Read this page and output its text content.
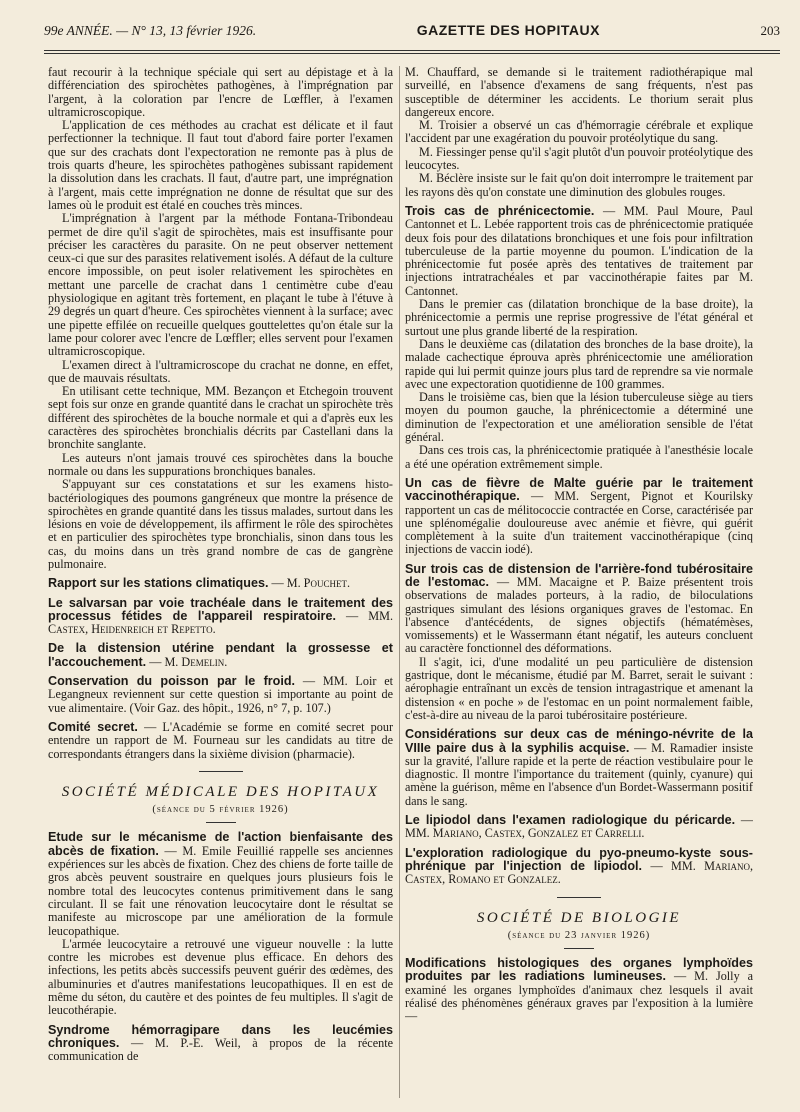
99e ANNÉE. — N° 13, 13 février 1926.	GAZETTE DES HOPITAUX	203

faut recourir à la technique spéciale qui sert au dépistage et à la différenciation des spirochètes pathogènes, à l'imprégnation par l'argent, à la coloration par l'encre de Lœffler, à l'examen ultramicroscopique.

L'application de ces méthodes au crachat est délicate et il faut perfectionner la technique. Il faut tout d'abord faire porter l'examen que sur des crachats dont l'expectoration ne remonte pas à plus de trois quarts d'heure, les spirochètes pathogènes subissant rapidement la dissolution dans les crachats. Il faut, d'autre part, une imprégnation à l'argent, mais cette imprégnation ne donne de résultat que sur des lames où le produit est étalé en couches très minces.

L'imprégnation à l'argent par la méthode Fontana-Tribondeau permet de dire qu'il s'agit de spirochètes, mais est insuffisante pour préciser les caractères du parasite. On ne peut observer nettement ceux-ci que sur des parasites relativement isolés. A défaut de la culture encore impossible, on peut isoler relativement les spirochètes en mettant une parcelle de crachat dans 1 centimètre cube d'eau physiologique en agitant très fortement, en plaçant le tube à l'étuve à 29 degrés un quart d'heure. Ces spirochètes viennent à la surface; avec une pipette effilée on recueille quelques gouttelettes qu'on étale sur la lame pour colorer avec l'encre de Lœffler; elles servent pour l'examen ultramicroscopique.

L'examen direct à l'ultramicroscope du crachat ne donne, en effet, que de mauvais résultats.

En utilisant cette technique, MM. Bezançon et Etchegoin trouvent sept fois sur onze en grande quantité dans le crachat un spirochète très différent des spirochètes de la bouche normale et qui a d'après eux les caractères des spirochètes bronchialis décrits par Castellani dans la bronchite sanglante.

Les auteurs n'ont jamais trouvé ces spirochètes dans la bouche normale ou dans les suppurations bronchiques banales.

S'appuyant sur ces constatations et sur les examens histo-bactériologiques des poumons gangréneux que montre la présence de spirochètes en grande quantité dans les tissus malades, surtout dans les lésions en voie de développement, ils affirment le rôle des spirochètes et en particulier des spirochètes type bronchialis, sinon dans tous les cas, du moins dans un très grand nombre de cas de gangrène pulmonaire.

Rapport sur les stations climatiques. — M. Pouchet.

Le salvarsan par voie trachéale dans le traitement des processus fétides de l'appareil respiratoire. — MM. Castex, Heidenreich et Repetto.

De la distension utérine pendant la grossesse et l'accouchement. — M. Demelin.

Conservation du poisson par le froid. — MM. Loir et Legangneux reviennent sur cette question si importante au point de vue alimentaire. (Voir Gaz. des hôpit., 1926, n° 7, p. 107.)

Comité secret. — L'Académie se forme en comité secret pour entendre un rapport de M. Fourneau sur les candidats au titre de correspondants étrangers dans la sixième division (pharmacie).

SOCIÉTÉ MÉDICALE DES HOPITAUX

(séance du 5 février 1926)

Etude sur le mécanisme de l'action bienfaisante des abcès de fixation. — M. Emile Feuillié rappelle ses anciennes expériences sur les abcès de fixation. Chez des chiens de forte taille de gros abcès peuvent soustraire en quelques jours plusieurs fois le nombre total des leucocytes contenus primitivement dans le sang circulant. Il se fait une rénovation leucocytaire dont le résultat se manifeste au microscope par une amélioration de la formule leucopathique.

L'armée leucocytaire a retrouvé une vigueur nouvelle : la lutte contre les microbes est devenue plus efficace. En dehors des infections, les petits abcès successifs peuvent guérir des œdèmes, des albuminuries et d'autres manifestations leucopathiques. Il en est de même du séton, du cautère et des pointes de feu multiples. Il s'agit de leucothérapie.

Syndrome hémorragipare dans les leucémies chroniques. — M. P.-E. Weil, à propos de la récente communication de

M. Chauffard, se demande si le traitement radiothérapique mal surveillé, en l'absence d'examens de sang fréquents, n'est pas susceptible de déterminer les accidents. Le thorium serait plus dangereux encore.

M. Troisier a observé un cas d'hémorragie cérébrale et explique l'accident par une exagération du pouvoir protéolytique du sang.

M. Fiessinger pense qu'il s'agit plutôt d'un pouvoir protéolytique des leucocytes.

M. Béclère insiste sur le fait qu'on doit interrompre le traitement par les rayons dès qu'on constate une diminution des globules rouges.

Trois cas de phrénicectomie. — MM. Paul Moure, Paul Cantonnet et L. Lebée rapportent trois cas de phrénicectomie pratiquée deux fois pour des dilatations bronchiques et une fois pour infiltration tuberculeuse de la partie moyenne du poumon. L'indication de la phrénicectomie fut posée après des tentatives de traitement par injections intratrachéales et par vaccinothérapie faites par M. Cantonnet.

Dans le premier cas (dilatation bronchique de la base droite), la phrénicectomie a permis une reprise progressive de l'état général et surtout une plus grande liberté de la respiration.

Dans le deuxième cas (dilatation des bronches de la base droite), la malade cachectique éprouva après phrénicectomie une amélioration rapide qui lui permit quinze jours plus tard de reprendre sa vie normale avec une expectoration quotidienne de 100 grammes.

Dans le troisième cas, bien que la lésion tuberculeuse siège au tiers moyen du poumon gauche, la phrénicectomie a déterminé une diminution de l'expectoration et une amélioration sensible de l'état général.

Dans ces trois cas, la phrénicectomie pratiquée à l'anesthésie locale a été une opération extrêmement simple.

Un cas de fièvre de Malte guérie par le traitement vaccinothérapique. — MM. Sergent, Pignot et Kourilsky rapportent un cas de mélitococcie contractée en Corse, caractérisée par une splénomégalie douloureuse avec anémie et fièvre, qui guérit complètement à la suite d'un traitement vaccinothérapique (cinq injections de vaccin iodé).

Sur trois cas de distension de l'arrière-fond tubérositaire de l'estomac. — MM. Macaigne et P. Baize présentent trois observations de malades porteurs, à la radio, de biloculations gastriques simulant des lésions organiques graves de l'estomac. En l'absence d'antécédents, de signes objectifs (hématémèses, vomissements) et le Wassermann étant négatif, les auteurs concluent au caractère fonctionnel des déformations.

Il s'agit, ici, d'une modalité un peu particulière de distension gastrique, dont le mécanisme, étudié par M. Barret, serait le suivant : aérophagie entraînant un excès de tension intragastrique et amenant la distension « en poche » de l'estomac en un point normalement faible, c'est-à-dire au niveau de la paroi tubérositaire postérieure.

Considérations sur deux cas de méningo-névrite de la VIIIe paire dus à la syphilis acquise. — M. Ramadier insiste sur la gravité, l'allure rapide et la perte de réaction vestibulaire pour le diagnostic. Il montre l'importance du traitement (quinly, cyanure) qui amène la guérison, même en l'absence d'un Bordet-Wassermann positif dans le sang.

Le lipiodol dans l'examen radiologique du péricarde. — MM. Mariano, Castex, Gonzalez et Carrelli.

L'exploration radiologique du pyo-pneumo-kyste sous-phrénique par l'injection de lipiodol. — MM. Mariano, Castex, Romano et Gonzalez.

SOCIÉTÉ DE BIOLOGIE

(séance du 23 janvier 1926)

Modifications histologiques des organes lymphoïdes produites par les radiations lumineuses. — M. Jolly a examiné les organes lymphoïdes d'animaux chez lesquels il avait réalisé des phénomènes généraux graves par l'exposition à la lumière —
